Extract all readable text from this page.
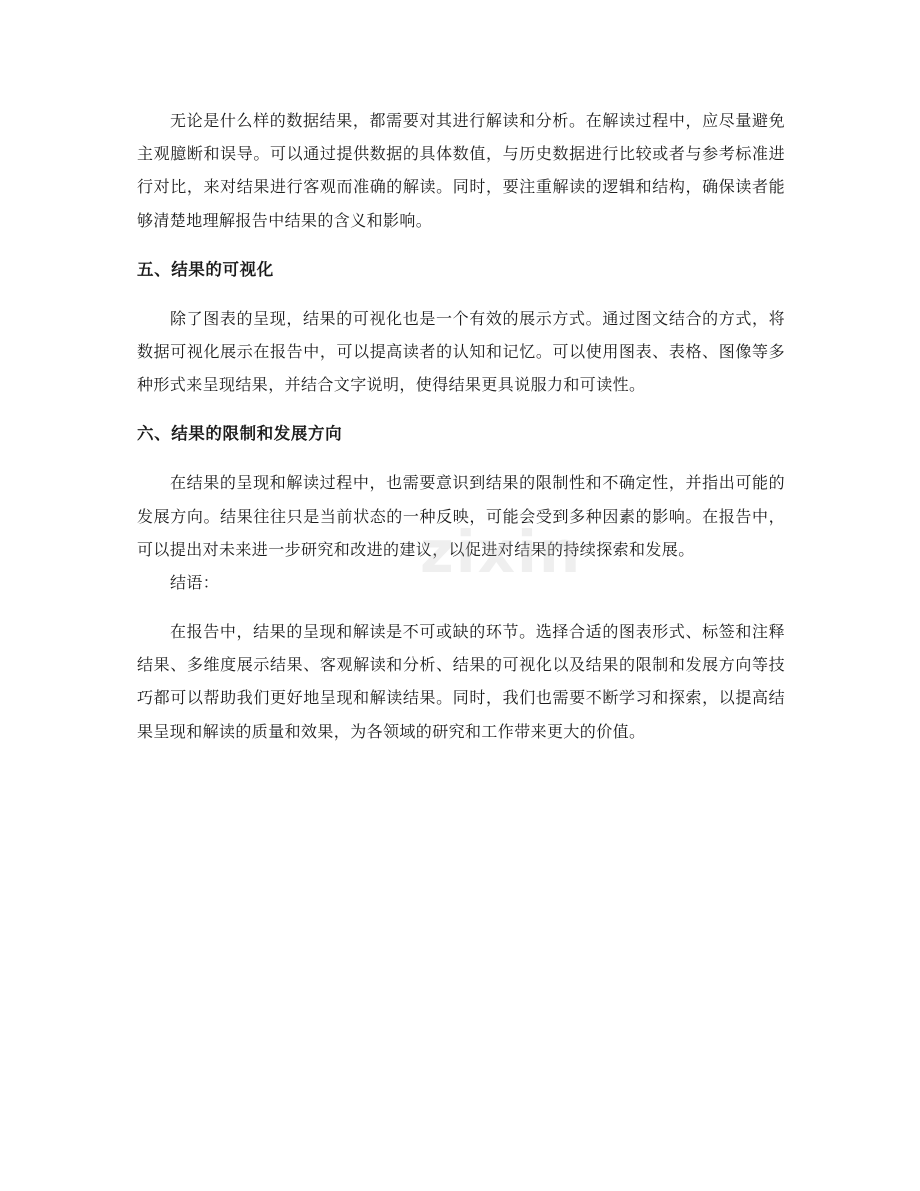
无论是什么样的数据结果，都需要对其进行解读和分析。在解读过程中，应尽量避免主观臆断和误导。可以通过提供数据的具体数值，与历史数据进行比较或者与参考标准进行对比，来对结果进行客观而准确的解读。同时，要注重解读的逻辑和结构，确保读者能够清楚地理解报告中结果的含义和影响。

五、结果的可视化

除了图表的呈现，结果的可视化也是一个有效的展示方式。通过图文结合的方式，将数据可视化展示在报告中，可以提高读者的认知和记忆。可以使用图表、表格、图像等多种形式来呈现结果，并结合文字说明，使得结果更具说服力和可读性。

六、结果的限制和发展方向

在结果的呈现和解读过程中，也需要意识到结果的限制性和不确定性，并指出可能的发展方向。结果往往只是当前状态的一种反映，可能会受到多种因素的影响。在报告中，可以提出对未来进一步研究和改进的建议，以促进对结果的持续探索和发展。

结语：

在报告中，结果的呈现和解读是不可或缺的环节。选择合适的图表形式、标签和注释结果、多维度展示结果、客观解读和分析、结果的可视化以及结果的限制和发展方向等技巧都可以帮助我们更好地呈现和解读结果。同时，我们也需要不断学习和探索，以提高结果呈现和解读的质量和效果，为各领域的研究和工作带来更大的价值。

zixin
